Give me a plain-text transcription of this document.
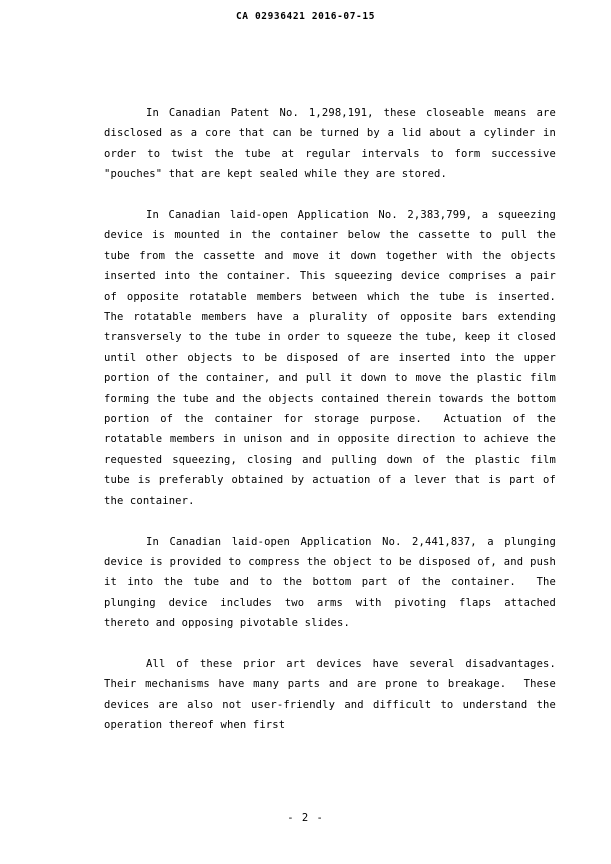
CA 02936421 2016-07-15

In Canadian Patent No. 1,298,191, these closeable means are disclosed as a core that can be turned by a lid about a cylinder in order to twist the tube at regular intervals to form successive "pouches" that are kept sealed while they are stored.

In Canadian laid-open Application No. 2,383,799, a squeezing device is mounted in the container below the cassette to pull the tube from the cassette and move it down together with the objects inserted into the container. This squeezing device comprises a pair of opposite rotatable members between which the tube is inserted.  The rotatable members have a plurality of opposite bars extending transversely to the tube in order to squeeze the tube, keep it closed until other objects to be disposed of are inserted into the upper portion of the container, and pull it down to move the plastic film forming the tube and the objects contained therein towards the bottom portion of the container for storage purpose.  Actuation of the rotatable members in unison and in opposite direction to achieve the requested squeezing, closing and pulling down of the plastic film tube is preferably obtained by actuation of a lever that is part of the container.

In Canadian laid-open Application No. 2,441,837, a plunging device is provided to compress the object to be disposed of, and push it into the tube and to the bottom part of the container.  The plunging device includes two arms with pivoting flaps attached thereto and opposing pivotable slides.

All of these prior art devices have several disadvantages.  Their mechanisms have many parts and are prone to breakage.  These devices are also not user-friendly and difficult to understand the operation thereof when first

- 2 -
